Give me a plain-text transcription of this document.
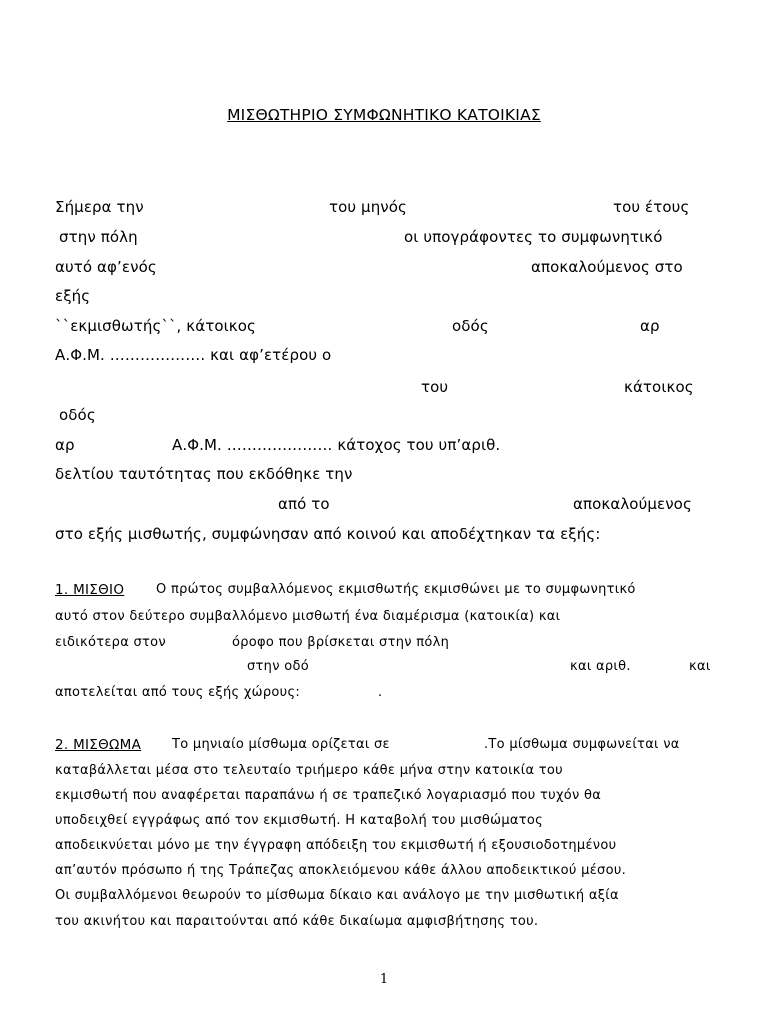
ΜΙΣΘΩΤΗΡΙΟ ΣΥΜΦΩΝΗΤΙΚΟ ΚΑΤΟΙΚΙΑΣ
Σήμερα την	του μηνός	του έτους
στην πόλη	οι υπογράφοντες το συμφωνητικό
αυτό αφ’ενός	αποκαλούμενος στο
εξής
``εκμισθωτής``, κάτοικος	οδός	αρ
Α.Φ.Μ. ………………. και αφ’ετέρου ο
του	κάτοικος
οδός
αρ	Α.Φ.Μ. ………………… κάτοχος του υπ’αριθ.
δελτίου ταυτότητας που εκδόθηκε την
από το	αποκαλούμενος
στο εξής μισθωτής, συμφώνησαν από κοινού και αποδέχτηκαν τα εξής:
1. ΜΙΣΘΙΟ Ο πρώτος συμβαλλόμενος εκμισθωτής εκμισθώνει με το συμφωνητικό
αυτό στον δεύτερο συμβαλλόμενο μισθωτή ένα διαμέρισμα (κατοικία) και
ειδικότερα στον	όροφο που βρίσκεται στην πόλη
στην οδό	και αριθ.	και
αποτελείται από τους εξής χώρους:	.
2. ΜΙΣΘΩΜΑ Το μηνιαίο μίσθωμα ορίζεται σε	.Το μίσθωμα συμφωνείται να
καταβάλλεται μέσα στο τελευταίο τριήμερο κάθε μήνα στην κατοικία του
εκμισθωτή που αναφέρεται παραπάνω ή σε τραπεζικό λογαριασμό που τυχόν θα
υποδειχθεί εγγράφως από τον εκμισθωτή. Η καταβολή του μισθώματος
αποδεικνύεται μόνο με την έγγραφη απόδειξη του εκμισθωτή ή εξουσιοδοτημένου
απ’αυτόν πρόσωπο ή της Τράπεζας αποκλειόμενου κάθε άλλου αποδεικτικού μέσου.
Οι συμβαλλόμενοι θεωρούν το μίσθωμα δίκαιο και ανάλογο με την μισθωτική αξία
του ακινήτου και παραιτούνται από κάθε δικαίωμα αμφισβήτησης του.
1
